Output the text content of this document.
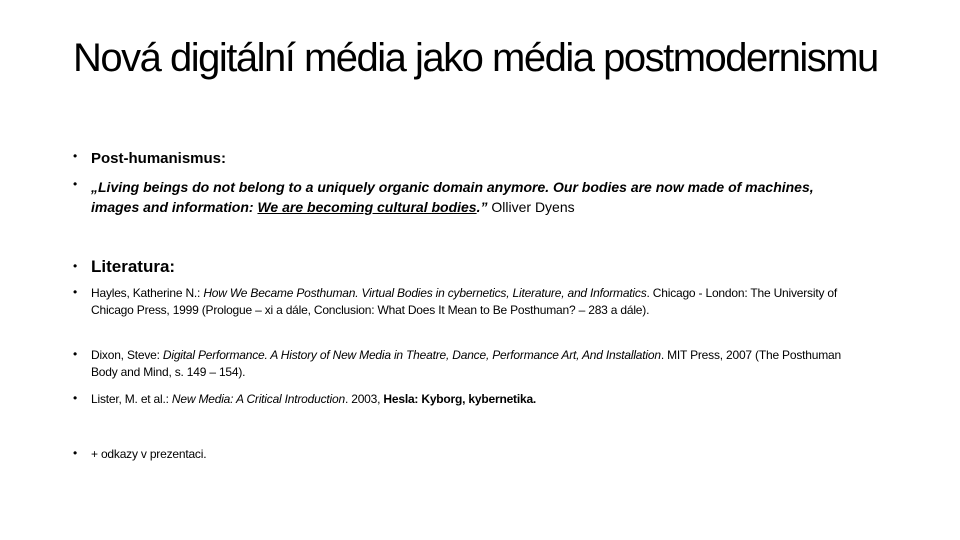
Nová digitální média jako média postmodernismu
• Post-humanismus:
• „Living beings do not belong to a uniquely organic domain anymore. Our bodies are now made of machines, images and information: We are becoming cultural bodies.” Olliver Dyens
• Literatura:
•	Hayles, Katherine N.: How We Became Posthuman. Virtual Bodies in cybernetics, Literature, and Informatics. Chicago - London: The University of Chicago Press, 1999 (Prologue – xi a dále, Conclusion: What Does It Mean to Be Posthuman? – 283 a dále).
•	Dixon, Steve: Digital Performance. A History of New Media in Theatre, Dance, Performance Art, And Installation. MIT Press, 2007 (The Posthuman Body and Mind, s. 149 – 154).
•	Lister, M. et al.: New Media: A Critical Introduction. 2003, Hesla: Kyborg, kybernetika.
•	+ odkazy v prezentaci.
